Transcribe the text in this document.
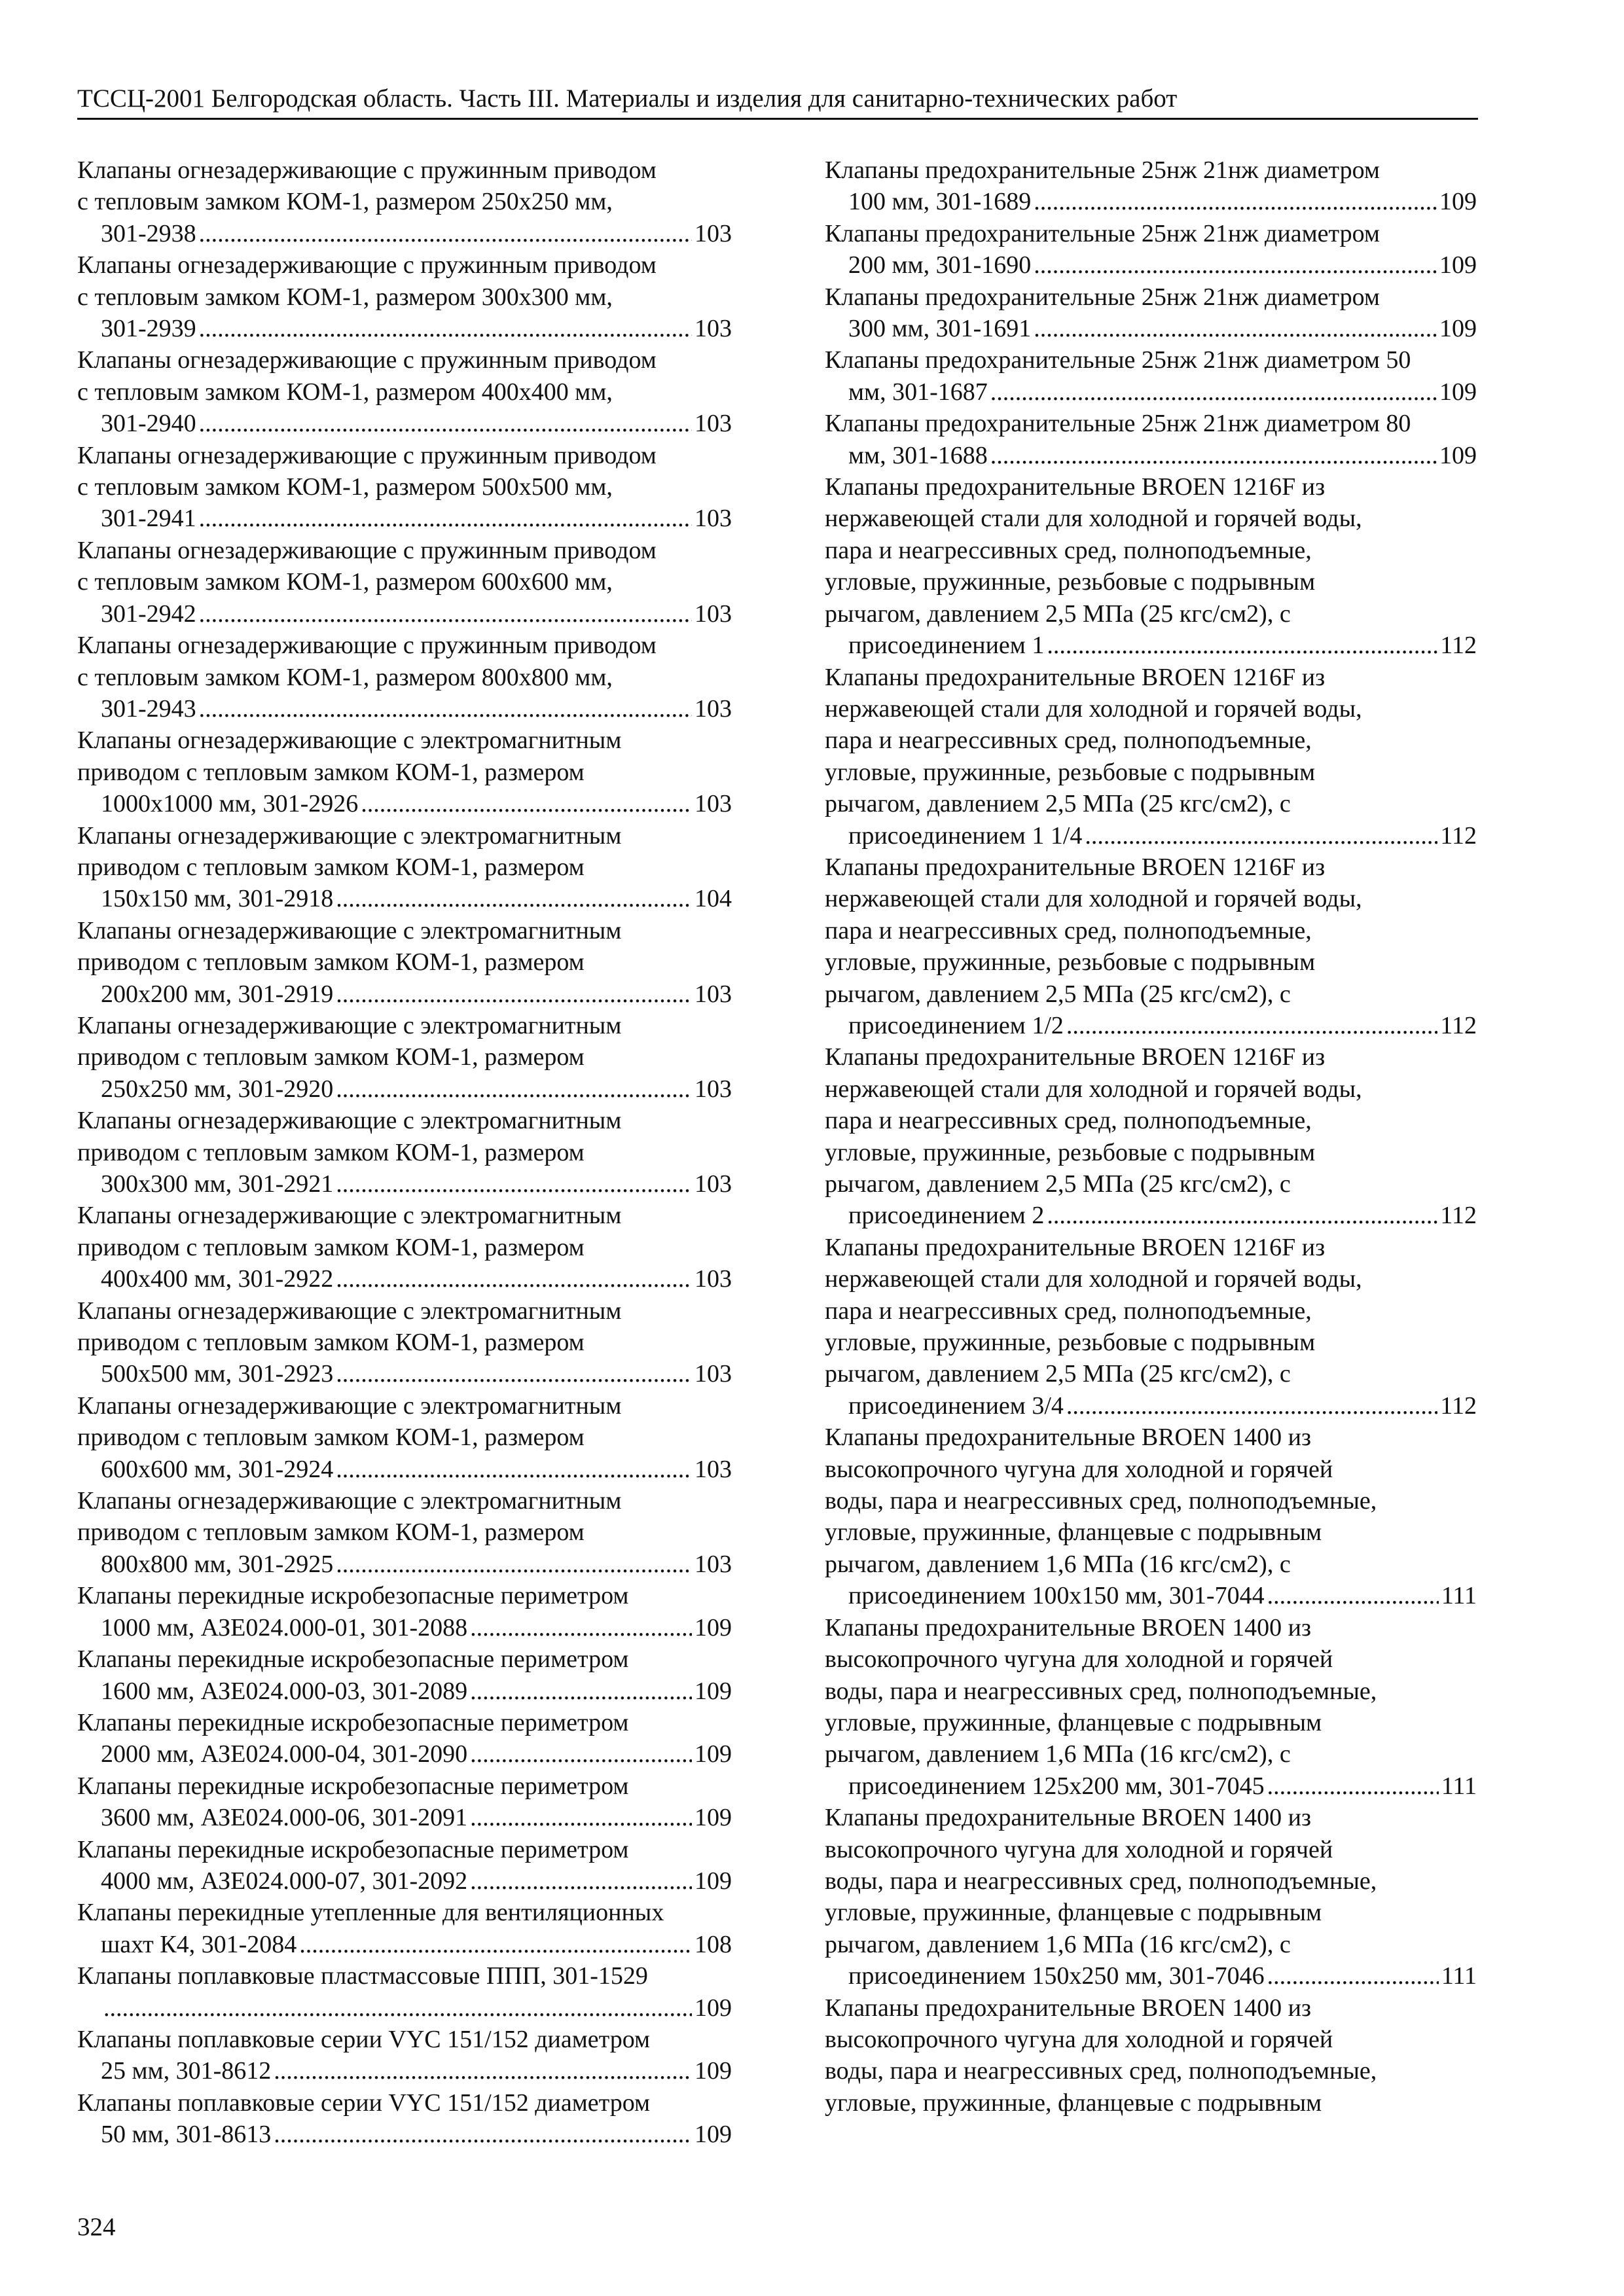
ТССЦ-2001 Белгородская область. Часть III. Материалы и изделия для санитарно-технических работ
Клапаны огнезадерживающие с пружинным приводом
с тепловым замком КОМ-1, размером 250х250 мм,
301-2938 .....	103
Клапаны огнезадерживающие с пружинным приводом
с тепловым замком КОМ-1, размером 300х300 мм,
301-2939 .....	103
Клапаны огнезадерживающие с пружинным приводом
с тепловым замком КОМ-1, размером 400х400 мм,
301-2940 .....	103
Клапаны огнезадерживающие с пружинным приводом
с тепловым замком КОМ-1, размером 500х500 мм,
301-2941 .....	103
Клапаны огнезадерживающие с пружинным приводом
с тепловым замком КОМ-1, размером 600х600 мм,
301-2942 .....	103
Клапаны огнезадерживающие с пружинным приводом
с тепловым замком КОМ-1, размером 800х800 мм,
301-2943 .....	103
Клапаны огнезадерживающие с электромагнитным
приводом с тепловым замком КОМ-1, размером
1000х1000 мм, 301-2926 .....	103
Клапаны огнезадерживающие с электромагнитным
приводом с тепловым замком КОМ-1, размером
150х150 мм, 301-2918 .....	104
Клапаны огнезадерживающие с электромагнитным
приводом с тепловым замком КОМ-1, размером
200х200 мм, 301-2919 .....	103
Клапаны огнезадерживающие с электромагнитным
приводом с тепловым замком КОМ-1, размером
250х250 мм, 301-2920 .....	103
Клапаны огнезадерживающие с электромагнитным
приводом с тепловым замком КОМ-1, размером
300х300 мм, 301-2921 .....	103
Клапаны огнезадерживающие с электромагнитным
приводом с тепловым замком КОМ-1, размером
400х400 мм, 301-2922 .....	103
Клапаны огнезадерживающие с электромагнитным
приводом с тепловым замком КОМ-1, размером
500х500 мм, 301-2923 .....	103
Клапаны огнезадерживающие с электромагнитным
приводом с тепловым замком КОМ-1, размером
600х600 мм, 301-2924 .....	103
Клапаны огнезадерживающие с электромагнитным
приводом с тепловым замком КОМ-1, размером
800х800 мм, 301-2925 .....	103
Клапаны перекидные искробезопасные периметром
1000 мм, АЗЕ024.000-01, 301-2088 .....	109
Клапаны перекидные искробезопасные периметром
1600 мм, АЗЕ024.000-03, 301-2089 .....	109
Клапаны перекидные искробезопасные периметром
2000 мм, АЗЕ024.000-04, 301-2090 .....	109
Клапаны перекидные искробезопасные периметром
3600 мм, АЗЕ024.000-06, 301-2091 .....	109
Клапаны перекидные искробезопасные периметром
4000 мм, АЗЕ024.000-07, 301-2092 .....	109
Клапаны перекидные утепленные для вентиляционных
шахт К4, 301-2084 .....	108
Клапаны поплавковые пластмассовые ППП, 301-1529
.....
109
Клапаны поплавковые серии VYC 151/152 диаметром
25 мм, 301-8612 .....	109
Клапаны поплавковые серии VYC 151/152 диаметром
50 мм, 301-8613 .....	109
Клапаны предохранительные 25нж 21нж диаметром
100 мм, 301-1689 .....	109
Клапаны предохранительные 25нж 21нж диаметром
200 мм, 301-1690 .....	109
Клапаны предохранительные 25нж 21нж диаметром
300 мм, 301-1691 .....	109
Клапаны предохранительные 25нж 21нж диаметром 50
мм, 301-1687 .....	109
Клапаны предохранительные 25нж 21нж диаметром 80
мм, 301-1688 .....	109
Клапаны предохранительные BROEN 1216F из
нержавеющей стали для холодной и горячей воды,
пара и неагрессивных сред, полноподъемные,
угловые, пружинные, резьбовые с подрывным
рычагом, давлением 2,5 МПа (25 кгс/см2), с
присоединением 1 .....	112
Клапаны предохранительные BROEN 1216F из
нержавеющей стали для холодной и горячей воды,
пара и неагрессивных сред, полноподъемные,
угловые, пружинные, резьбовые с подрывным
рычагом, давлением 2,5 МПа (25 кгс/см2), с
присоединением 1 1/4 .....	112
Клапаны предохранительные BROEN 1216F из
нержавеющей стали для холодной и горячей воды,
пара и неагрессивных сред, полноподъемные,
угловые, пружинные, резьбовые с подрывным
рычагом, давлением 2,5 МПа (25 кгс/см2), с
присоединением 1/2 .....	112
Клапаны предохранительные BROEN 1216F из
нержавеющей стали для холодной и горячей воды,
пара и неагрессивных сред, полноподъемные,
угловые, пружинные, резьбовые с подрывным
рычагом, давлением 2,5 МПа (25 кгс/см2), с
присоединением 2 .....	112
Клапаны предохранительные BROEN 1216F из
нержавеющей стали для холодной и горячей воды,
пара и неагрессивных сред, полноподъемные,
угловые, пружинные, резьбовые с подрывным
рычагом, давлением 2,5 МПа (25 кгс/см2), с
присоединением 3/4 .....	112
Клапаны предохранительные BROEN 1400 из
высокопрочного чугуна для холодной и горячей
воды, пара и неагрессивных сред, полноподъемные,
угловые, пружинные, фланцевые с подрывным
рычагом, давлением 1,6 МПа (16 кгс/см2), с
присоединением 100х150 мм, 301-7044 .....	111
Клапаны предохранительные BROEN 1400 из
высокопрочного чугуна для холодной и горячей
воды, пара и неагрессивных сред, полноподъемные,
угловые, пружинные, фланцевые с подрывным
рычагом, давлением 1,6 МПа (16 кгс/см2), с
присоединением 125х200 мм, 301-7045 .....	111
Клапаны предохранительные BROEN 1400 из
высокопрочного чугуна для холодной и горячей
воды, пара и неагрессивных сред, полноподъемные,
угловые, пружинные, фланцевые с подрывным
рычагом, давлением 1,6 МПа (16 кгс/см2), с
присоединением 150х250 мм, 301-7046 .....	111
Клапаны предохранительные BROEN 1400 из
высокопрочного чугуна для холодной и горячей
воды, пара и неагрессивных сред, полноподъемные,
угловые, пружинные, фланцевые с подрывным
324
